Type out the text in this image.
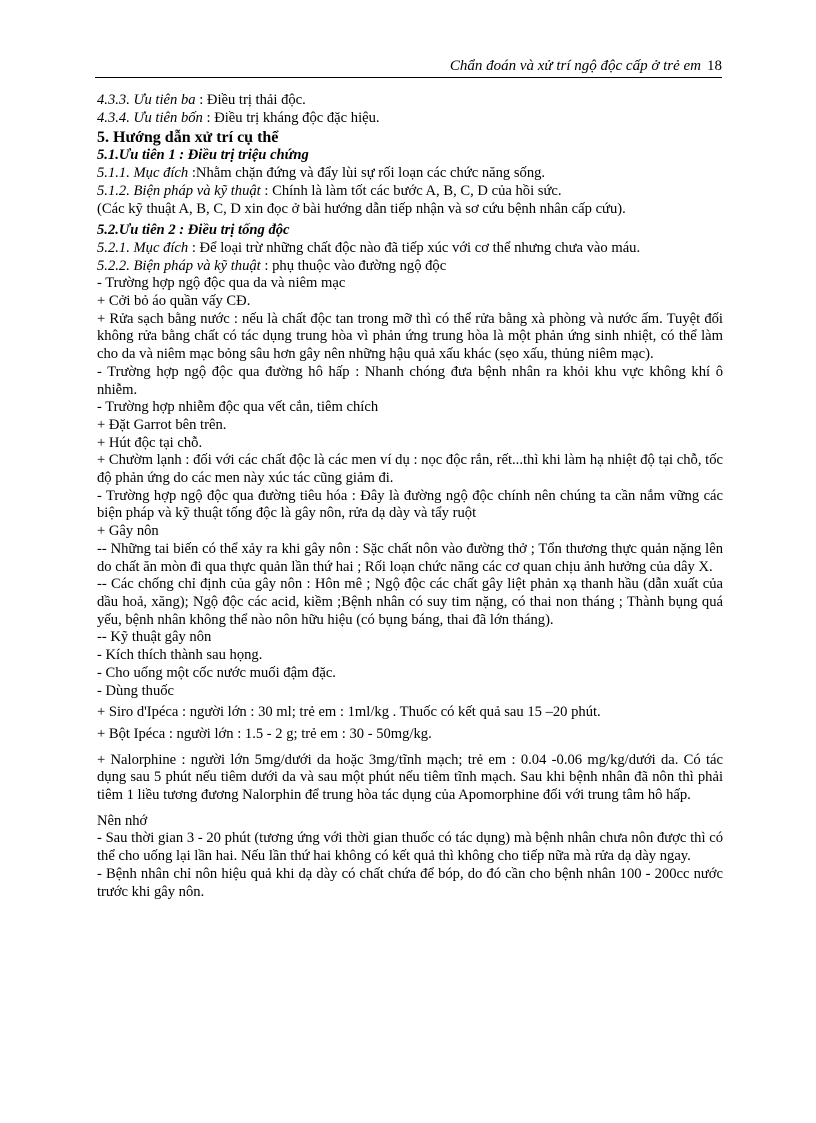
Chẩn đoán và xử trí ngộ độc cấp ở trẻ em 18
4.3.3. Ưu tiên ba : Điều trị thải độc.
4.3.4. Ưu tiên bốn : Điều trị kháng độc đặc hiệu.
5. Hướng dẫn xử trí cụ thể
5.1.Ưu tiên 1 : Điều trị triệu chứng
5.1.1. Mục đích :Nhằm chặn đứng và đẩy lùi sự rối loạn các chức năng sống.
5.1.2. Biện pháp và kỹ thuật : Chính là làm tốt các bước A, B, C, D của hồi sức.
(Các kỹ thuật A, B, C, D xin đọc ở bài hướng dẫn tiếp nhận và sơ cứu bệnh nhân cấp cứu).
5.2.Ưu tiên 2 : Điều trị tống độc
5.2.1. Mục đích : Để loại trừ những chất độc nào đã tiếp xúc với cơ thể nhưng chưa vào máu.
5.2.2. Biện pháp và kỹ thuật : phụ thuộc vào đường ngộ độc
- Trường hợp ngộ độc qua da và niêm mạc
+ Cởi bỏ áo quần vấy CĐ.
+ Rửa sạch bằng nước : nếu là chất độc tan trong mỡ thì có thể rửa bằng xà phòng và nước ấm. Tuyệt đối không rửa bằng chất có tác dụng trung hòa vì phản ứng trung hòa là một phản ứng sinh nhiệt, có thể làm cho da và niêm mạc bỏng sâu hơn gây nên những hậu quả xấu khác (sẹo xấu, thủng niêm mạc).
- Trường hợp ngộ độc qua đường hô hấp : Nhanh chóng đưa bệnh nhân ra khỏi khu vực không khí ô nhiễm.
- Trường hợp nhiễm độc qua vết cắn, tiêm chích
+ Đặt Garrot bên trên.
+ Hút độc tại chỗ.
+ Chườm lạnh : đối với các chất độc là các men ví dụ : nọc độc rắn, rết...thì khi làm hạ nhiệt độ tại chỗ, tốc độ phản ứng do các men này xúc tác cũng giảm đi.
- Trường hợp ngộ độc qua đường tiêu hóa : Đây là đường ngộ độc chính nên chúng ta cần nắm vững các biện pháp và kỹ thuật tống độc là gây nôn, rửa dạ dày và tẩy ruột
+ Gây nôn
-- Những tai biến có thể xảy ra khi gây nôn : Sặc chất nôn vào đường thở ; Tổn thương thực quản nặng lên do chất ăn mòn đi qua thực quản lần thứ hai ; Rối loạn chức năng các cơ quan chịu ảnh hưởng của dây X.
-- Các chống chỉ định của gây nôn : Hôn mê ; Ngộ độc các chất gây liệt phản xạ thanh hầu (dẫn xuất của dầu hoả, xăng); Ngộ độc các acid, kiềm ;Bệnh nhân có suy tim nặng, có thai non tháng ; Thành bụng quá yếu, bệnh nhân không thể nào nôn hữu hiệu (có bụng báng, thai đã lớn tháng).
-- Kỹ thuật gây nôn
- Kích thích thành sau họng.
- Cho uống một cốc nước muối đậm đặc.
- Dùng thuốc
+ Siro d'Ipéca : người lớn : 30 ml; trẻ em : 1ml/kg . Thuốc có kết quả sau 15 –20 phút.
+ Bột Ipéca : người lớn : 1.5 - 2 g; trẻ em : 30 - 50mg/kg.
+ Nalorphine : người lớn 5mg/dưới da hoặc 3mg/tĩnh mạch; trẻ em : 0.04 -0.06 mg/kg/dưới da. Có tác dụng sau 5 phút nếu tiêm dưới da và sau một phút nếu tiêm tĩnh mạch. Sau khi bệnh nhân đã nôn thì phải tiêm 1 liều tương đương Nalorphin để trung hòa tác dụng của Apomorphine đối với trung tâm hô hấp.
Nên nhớ
- Sau thời gian 3 - 20 phút (tương ứng với thời gian thuốc có tác dụng) mà bệnh nhân chưa nôn được thì có thể cho uống lại lần hai. Nếu lần thứ hai không có kết quả thì không cho tiếp nữa mà rửa dạ dày ngay.
- Bệnh nhân chỉ nôn hiệu quả khi dạ dày có chất chứa để bóp, do đó cần cho bệnh nhân 100 - 200cc nước trước khi gây nôn.
